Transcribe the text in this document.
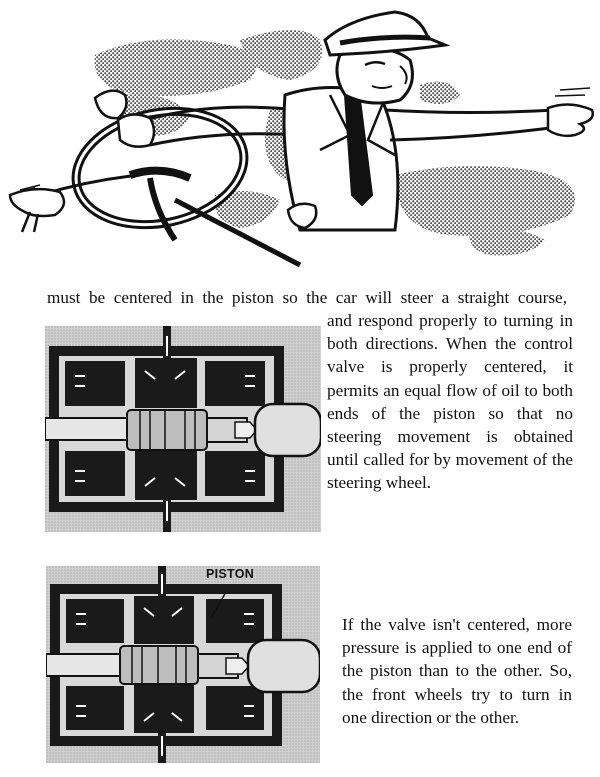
must be centered in the piston so the car will steer a straight course,

and respond properly to turning in both directions. When the control valve is properly centered, it permits an equal flow of oil to both ends of the piston so that no steering movement is obtained until called for by movement of the steering wheel.

PISTON

If the valve isn't centered, more pressure is applied to one end of the piston than to the other. So, the front wheels try to turn in one direction or the other.
